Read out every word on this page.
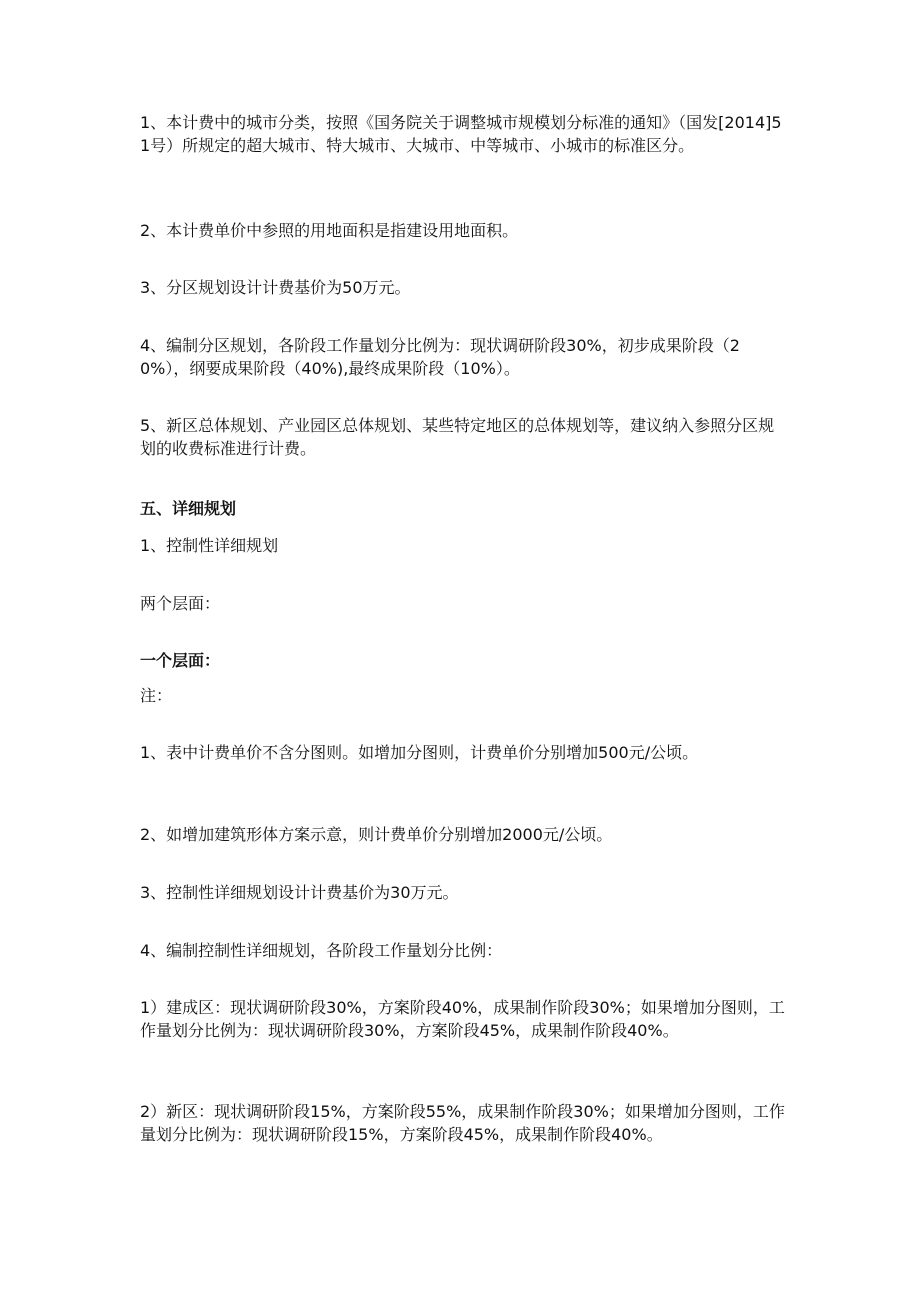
1、本计费中的城市分类，按照《国务院关于调整城市规模划分标准的通知》（国发[2014]51号）所规定的超大城市、特大城市、大城市、中等城市、小城市的标准区分。

2、本计费单价中参照的用地面积是指建设用地面积。

3、分区规划设计计费基价为50万元。

4、编制分区规划，各阶段工作量划分比例为：现状调研阶段30%，初步成果阶段（20%），纲要成果阶段（40%),最终成果阶段（10%）。

5、新区总体规划、产业园区总体规划、某些特定地区的总体规划等，建议纳入参照分区规划的收费标准进行计费。

五、详细规划

1、控制性详细规划

两个层面：

一个层面：

注：

1、表中计费单价不含分图则。如增加分图则，计费单价分别增加500元/公顷。

2、如增加建筑形体方案示意，则计费单价分别增加2000元/公顷。

3、控制性详细规划设计计费基价为30万元。

4、编制控制性详细规划，各阶段工作量划分比例：

1）建成区：现状调研阶段30%，方案阶段40%，成果制作阶段30%；如果增加分图则，工作量划分比例为：现状调研阶段30%，方案阶段45%，成果制作阶段40%。

2）新区：现状调研阶段15%，方案阶段55%，成果制作阶段30%；如果增加分图则，工作量划分比例为：现状调研阶段15%，方案阶段45%，成果制作阶段40%。
